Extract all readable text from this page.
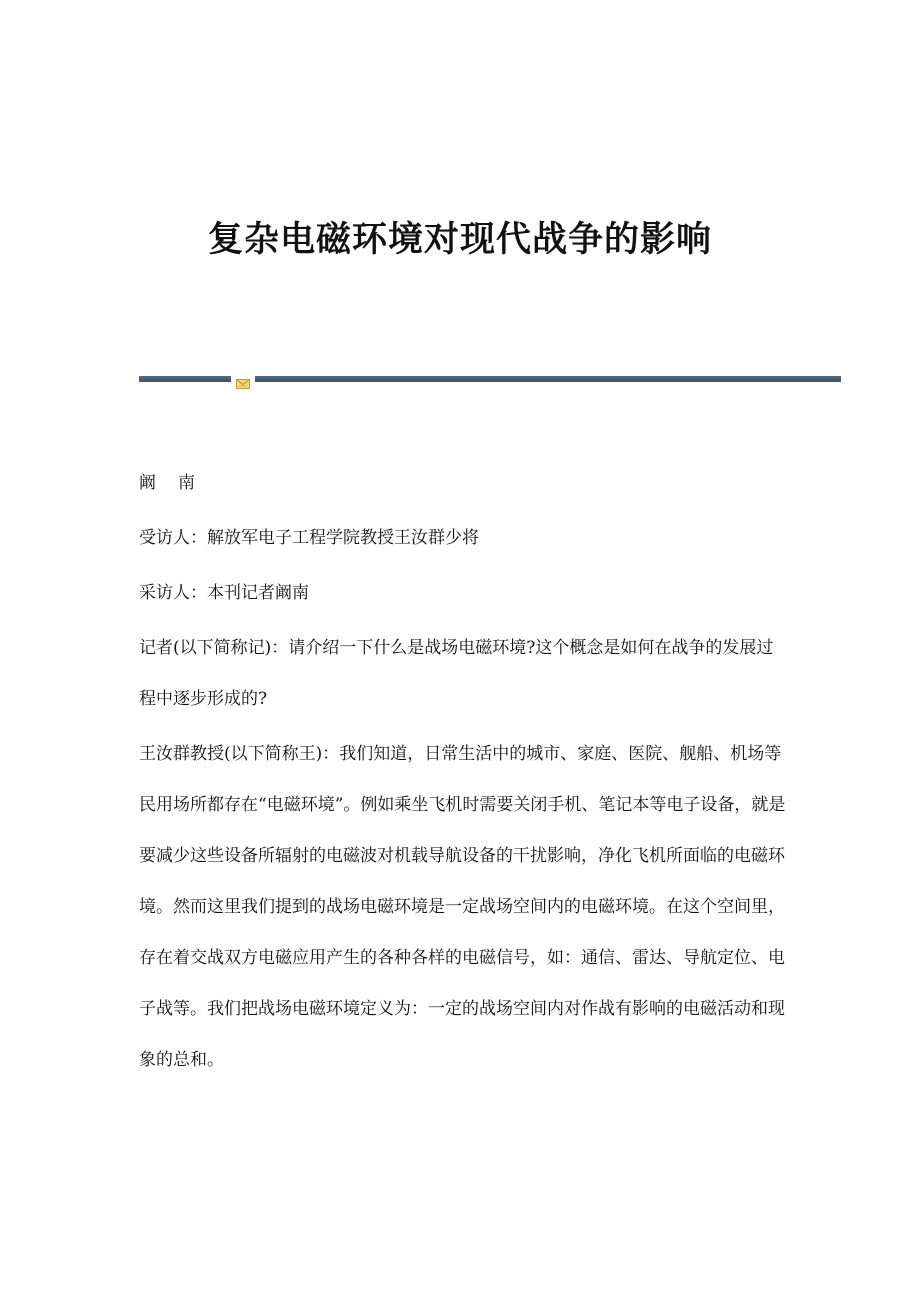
复杂电磁环境对现代战争的影响

阚 南

受访人：解放军电子工程学院教授王汝群少将

采访人：本刊记者阚南

记者(以下简称记)：请介绍一下什么是战场电磁环境?这个概念是如何在战争的发展过程中逐步形成的?

王汝群教授(以下简称王)：我们知道，日常生活中的城市、家庭、医院、舰船、机场等民用场所都存在“电磁环境”。例如乘坐飞机时需要关闭手机、笔记本等电子设备，就是要减少这些设备所辐射的电磁波对机载导航设备的干扰影响，净化飞机所面临的电磁环境。然而这里我们提到的战场电磁环境是一定战场空间内的电磁环境。在这个空间里，存在着交战双方电磁应用产生的各种各样的电磁信号，如：通信、雷达、导航定位、电子战等。我们把战场电磁环境定义为：一定的战场空间内对作战有影响的电磁活动和现象的总和。
